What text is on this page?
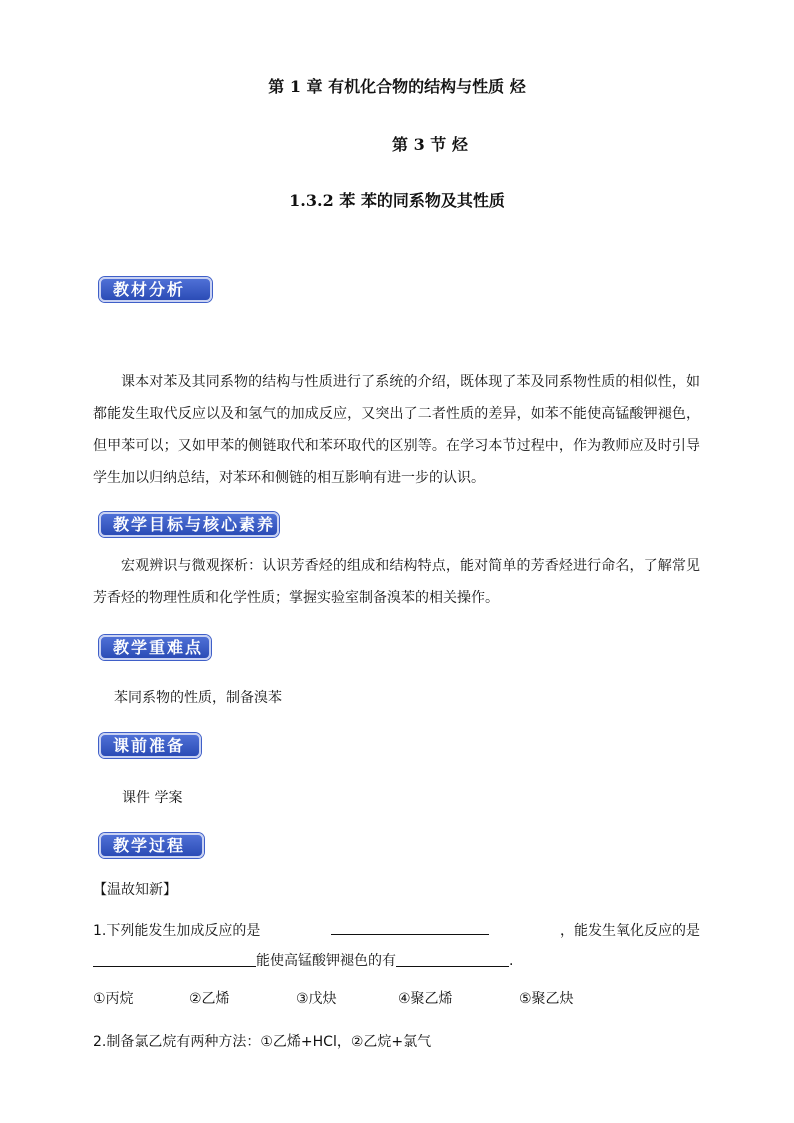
第 1 章 有机化合物的结构与性质 烃
第 3 节 烃
1.3.2 苯 苯的同系物及其性质
教材分析
课本对苯及其同系物的结构与性质进行了系统的介绍，既体现了苯及同系物性质的相似性，如都能发生取代反应以及和氢气的加成反应，又突出了二者性质的差异，如苯不能使高锰酸钾褪色，但甲苯可以；又如甲苯的侧链取代和苯环取代的区别等。在学习本节过程中，作为教师应及时引导学生加以归纳总结，对苯环和侧链的相互影响有进一步的认识。
教学目标与核心素养
宏观辨识与微观探析：认识芳香烃的组成和结构特点，能对简单的芳香烃进行命名，了解常见芳香烃的物理性质和化学性质；掌握实验室制备溴苯的相关操作。
教学重难点
苯同系物的性质，制备溴苯
课前准备
课件 学案
教学过程
【温故知新】
1.下列能发生加成反应的是	，能发生氧化反应的是
能使高锰酸钾褪色的有	.
①丙烷	②乙烯	③戊炔	④聚乙烯	⑤聚乙炔
2.制备氯乙烷有两种方法：①乙烯+HCl，②乙烷+氯气
